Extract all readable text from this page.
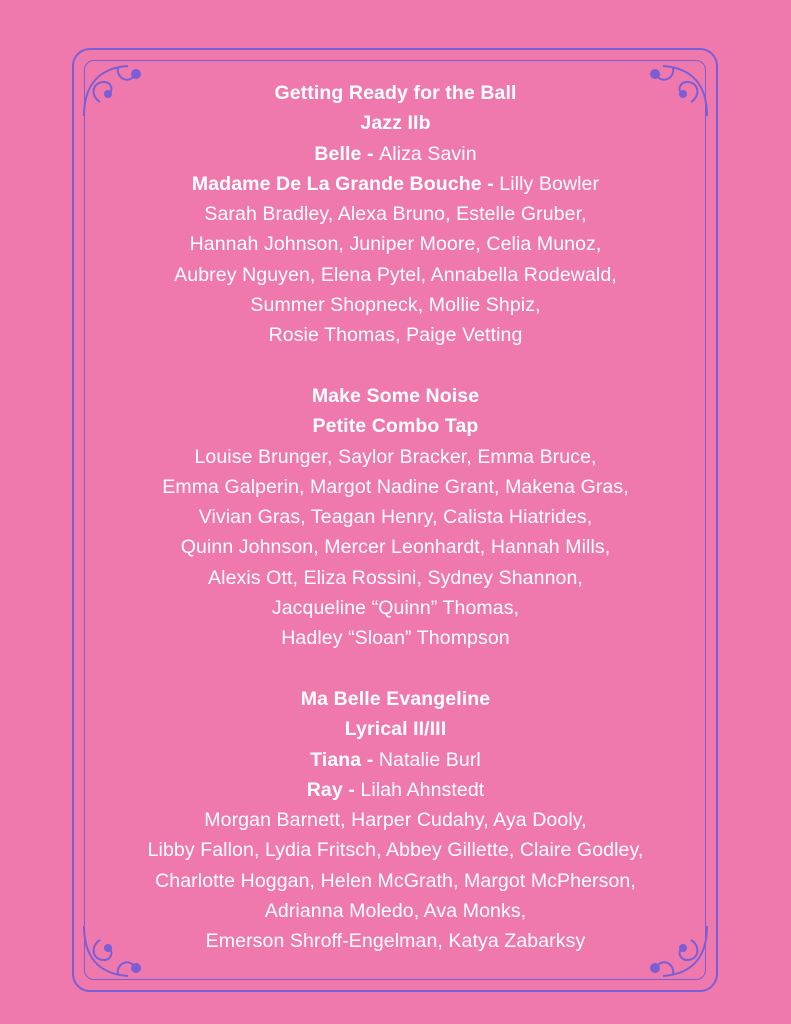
Getting Ready for the Ball
Jazz IIb
Belle - Aliza Savin
Madame De La Grande Bouche - Lilly Bowler
Sarah Bradley, Alexa Bruno, Estelle Gruber,
Hannah Johnson, Juniper Moore, Celia Munoz,
Aubrey Nguyen, Elena Pytel, Annabella Rodewald,
Summer Shopneck, Mollie Shpiz,
Rosie Thomas, Paige Vetting
Make Some Noise
Petite Combo Tap
Louise Brunger, Saylor Bracker, Emma Bruce,
Emma Galperin, Margot Nadine Grant, Makena Gras,
Vivian Gras, Teagan Henry, Calista Hiatrides,
Quinn Johnson, Mercer Leonhardt, Hannah Mills,
Alexis Ott, Eliza Rossini, Sydney Shannon,
Jacqueline “Quinn” Thomas,
Hadley “Sloan” Thompson
Ma Belle Evangeline
Lyrical II/III
Tiana - Natalie Burl
Ray - Lilah Ahnstedt
Morgan Barnett, Harper Cudahy, Aya Dooly,
Libby Fallon, Lydia Fritsch, Abbey Gillette, Claire Godley,
Charlotte Hoggan, Helen McGrath, Margot McPherson,
Adrianna Moledo, Ava Monks,
Emerson Shroff-Engelman, Katya Zabarksy
